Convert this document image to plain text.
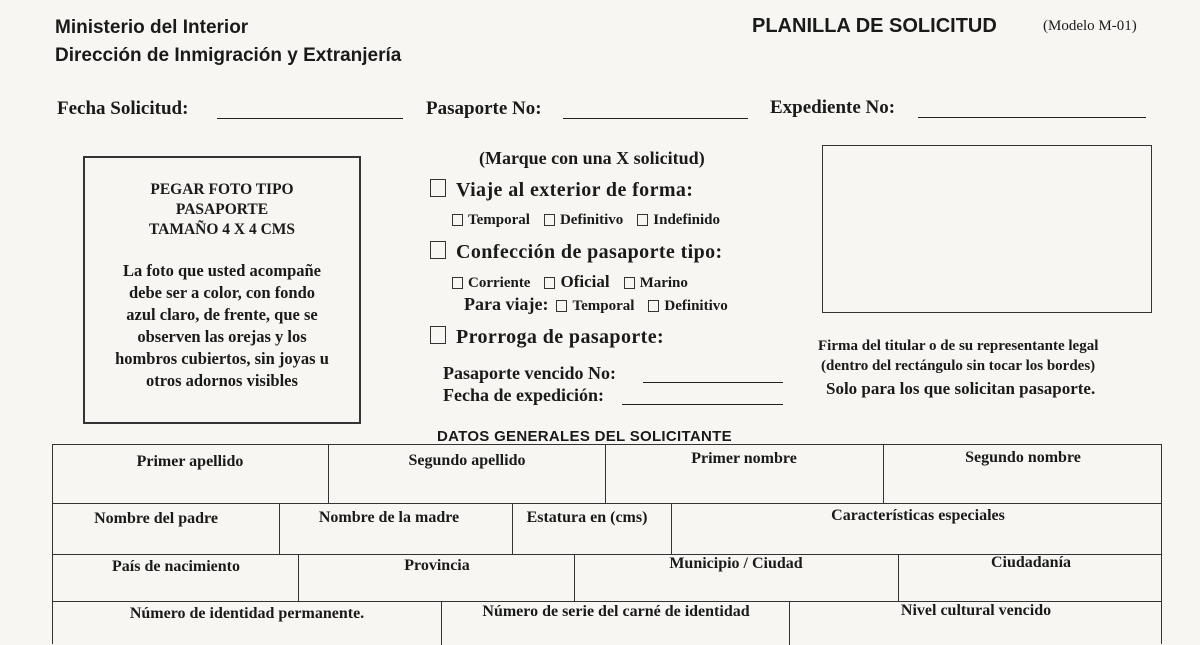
Ministerio del Interior
Dirección de Inmigración y Extranjería
PLANILLA DE SOLICITUD	(Modelo M-01)
Fecha Solicitud:	Pasaporte No:	Expediente No:
PEGAR FOTO TIPO
PASAPORTE
TAMAÑO 4 X 4 CMS
La foto que usted acompañe
debe ser a color, con fondo
azul claro, de frente, que se
observen las orejas y los
hombros cubiertos, sin joyas u
otros adornos visibles
(Marque con una X solicitud)
Viaje al exterior de forma:
Temporal Definitivo Indefinido
Confección de pasaporte tipo:
Corriente Oficial Marino
Para viaje: Temporal Definitivo
Prorroga de pasaporte:
Pasaporte vencido No:
Fecha de expedición:
Firma del titular o de su representante legal
(dentro del rectángulo sin tocar los bordes)
Solo para los que solicitan pasaporte.
DATOS GENERALES DEL SOLICITANTE
Primer apellido	Segundo apellido	Primer nombre	Segundo nombre
Nombre del padre	Nombre de la madre	Estatura en (cms)	Características especiales
País de nacimiento	Provincia	Municipio / Ciudad	Ciudadanía
Número de identidad permanente.	Número de serie del carné de identidad	Nivel cultural vencido
